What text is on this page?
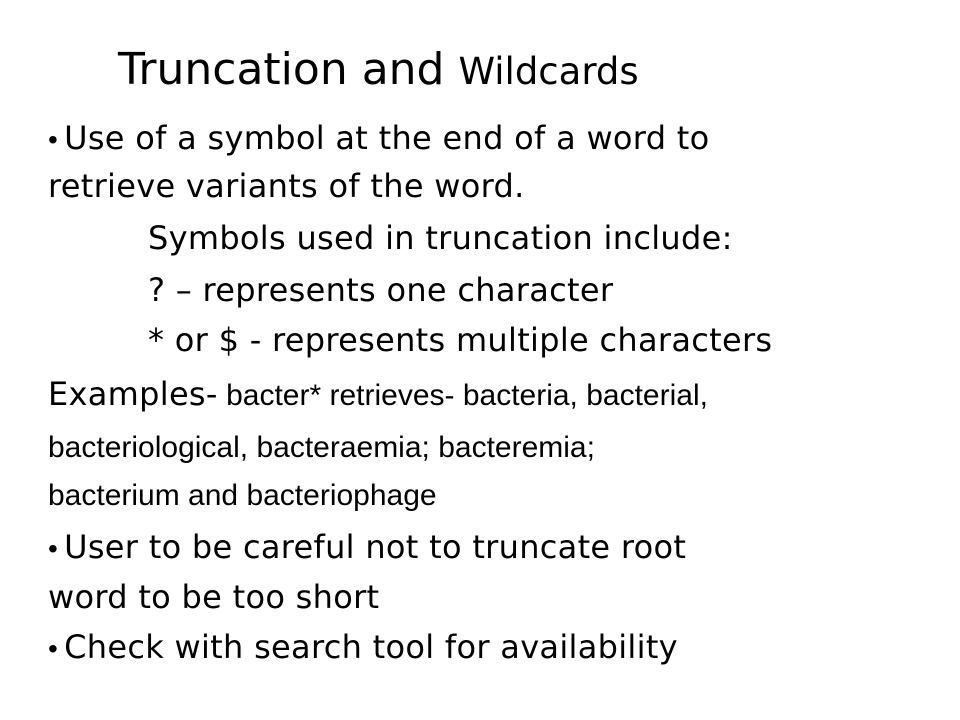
Truncation and Wildcards
• Use of a symbol at the end of a word to
retrieve variants of the word.
Symbols used in truncation include:
? – represents one character
* or $ - represents multiple characters
Examples- bacter* retrieves- bacteria, bacterial,
bacteriological, bacteraemia; bacteremia;
bacterium and bacteriophage
• User to be careful not to truncate root
word to be too short
• Check with search tool for availability
